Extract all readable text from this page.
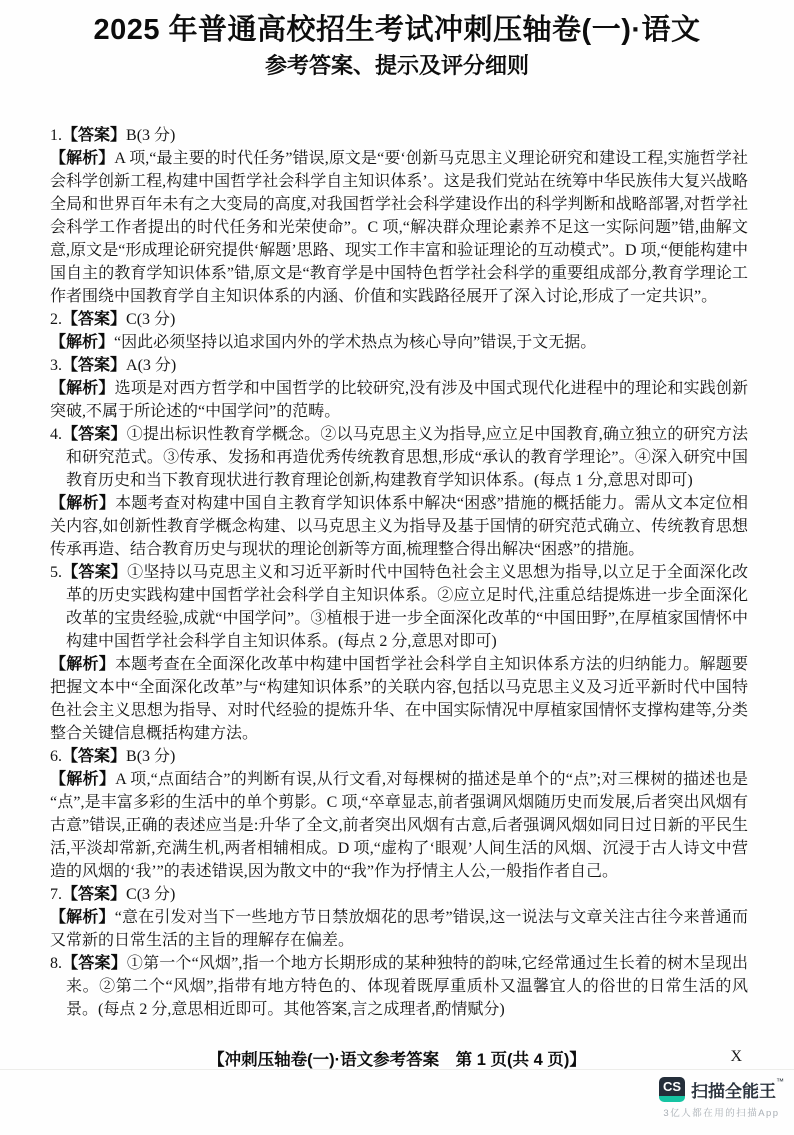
2025 年普通高校招生考试冲刺压轴卷(一)·语文
参考答案、提示及评分细则

1.【答案】B(3 分)

【解析】A 项,“最主要的时代任务”错误,原文是“要‘创新马克思主义理论研究和建设工程,实施哲学社会科学创新工程,构建中国哲学社会科学自主知识体系’。这是我们党站在统筹中华民族伟大复兴战略全局和世界百年未有之大变局的高度,对我国哲学社会科学建设作出的科学判断和战略部署,对哲学社会科学工作者提出的时代任务和光荣使命”。C 项,“解决群众理论素养不足这一实际问题”错,曲解文意,原文是“形成理论研究提供‘解题’思路、现实工作丰富和验证理论的互动模式”。D 项,“便能构建中国自主的教育学知识体系”错,原文是“教育学是中国特色哲学社会科学的重要组成部分,教育学理论工作者围绕中国教育学自主知识体系的内涵、价值和实践路径展开了深入讨论,形成了一定共识”。

2.【答案】C(3 分)

【解析】“因此必须坚持以追求国内外的学术热点为核心导向”错误,于文无据。

3.【答案】A(3 分)

【解析】选项是对西方哲学和中国哲学的比较研究,没有涉及中国式现代化进程中的理论和实践创新突破,不属于所论述的“中国学问”的范畴。

4.【答案】①提出标识性教育学概念。②以马克思主义为指导,应立足中国教育,确立独立的研究方法和研究范式。③传承、发扬和再造优秀传统教育思想,形成“承认的教育学理论”。④深入研究中国教育历史和当下教育现状进行教育理论创新,构建教育学知识体系。(每点 1 分,意思对即可)

【解析】本题考查对构建中国自主教育学知识体系中解决“困惑”措施的概括能力。需从文本定位相关内容,如创新性教育学概念构建、以马克思主义为指导及基于国情的研究范式确立、传统教育思想传承再造、结合教育历史与现状的理论创新等方面,梳理整合得出解决“困惑”的措施。

5.【答案】①坚持以马克思主义和习近平新时代中国特色社会主义思想为指导,以立足于全面深化改革的历史实践构建中国哲学社会科学自主知识体系。②应立足时代,注重总结提炼进一步全面深化改革的宝贵经验,成就“中国学问”。③植根于进一步全面深化改革的“中国田野”,在厚植家国情怀中构建中国哲学社会科学自主知识体系。(每点 2 分,意思对即可)

【解析】本题考查在全面深化改革中构建中国哲学社会科学自主知识体系方法的归纳能力。解题要把握文本中“全面深化改革”与“构建知识体系”的关联内容,包括以马克思主义及习近平新时代中国特色社会主义思想为指导、对时代经验的提炼升华、在中国实际情况中厚植家国情怀支撑构建等,分类整合关键信息概括构建方法。

6.【答案】B(3 分)

【解析】A 项,“点面结合”的判断有误,从行文看,对每棵树的描述是单个的“点”;对三棵树的描述也是“点”,是丰富多彩的生活中的单个剪影。C 项,“卒章显志,前者强调风烟随历史而发展,后者突出风烟有古意”错误,正确的表述应当是:升华了全文,前者突出风烟有古意,后者强调风烟如同日过日新的平民生活,平淡却常新,充满生机,两者相辅相成。D 项,“虚构了‘眼观’人间生活的风烟、沉浸于古人诗文中营造的风烟的‘我’”的表述错误,因为散文中的“我”作为抒情主人公,一般指作者自己。

7.【答案】C(3 分)

【解析】“意在引发对当下一些地方节日禁放烟花的思考”错误,这一说法与文章关注古往今来普通而又常新的日常生活的主旨的理解存在偏差。

8.【答案】①第一个“风烟”,指一个地方长期形成的某种独特的韵味,它经常通过生长着的树木呈现出来。②第二个“风烟”,指带有地方特色的、体现着既厚重质朴又温馨宜人的俗世的日常生活的风景。(每点 2 分,意思相近即可。其他答案,言之成理者,酌情赋分)

【冲刺压轴卷(一)·语文参考答案　第 1 页(共 4 页)】	X
CS 扫描全能王™
3亿人都在用的扫描App
